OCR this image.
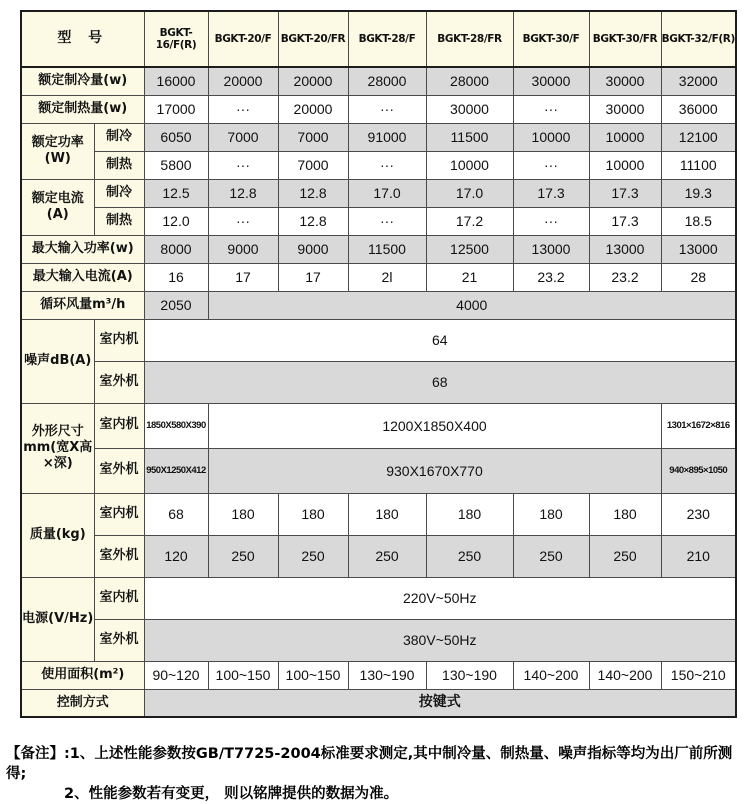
型 号		BGKT-16/F(R)	BGKT-20/F	BGKT-20/FR	BGKT-28/F	BGKT-28/FR	BGKT-30/F	BGKT-30/FR	BGKT-32/F(R)
额定制冷量(w)		16000	20000	20000	28000	28000	30000	30000	32000
额定制热量(w)		17000	···	20000	···	30000	···	30000	36000

额定功率
(W)	制冷	6050	7000	7000	91000	11500	10000	10000	12100
	制热	5800	···	7000	···	10000	···	10000	11100
额定电流(A)	制冷	12.5	12.8	12.8	17.0	17.0	17.3	17.3	19.3
	制热	12.0	···	12.8	···	17.2	···	17.3	18.5
最大输入功率(w)		8000	9000	9000	11500	12500	13000	13000	13000
最大输入电流(A)		16	17	17	2l	21	23.2	23.2	28
循环风量m³/h		2050	4000						
噪声dB(A)	室内机	64							
	室外机	68							

外形尺寸
mm(宽X高
×深)	室内机	1850X580X390	1200X1850X400						1301×1672×816
	室外机	950X1250X412	930X1670X770						940×895×1050
质量(kg)	室内机	68	180	180	180	180	180	180	230
	室外机	120	250	250	250	250	250	250	210
电源(V/Hz)	室内机	220V~50Hz							
	室外机	380V~50Hz							
使用面积(m²)		90~120	100~150	100~150	130~190	130~190	140~200	140~200	150~210
控制方式		按键式							
【备注】:1、上述性能参数按GB/T7725-2004标准要求测定,其中制冷量、制热量、噪声指标等均为出厂前所测得;
2、性能参数若有变更， 则以铭牌提供的数据为准。
